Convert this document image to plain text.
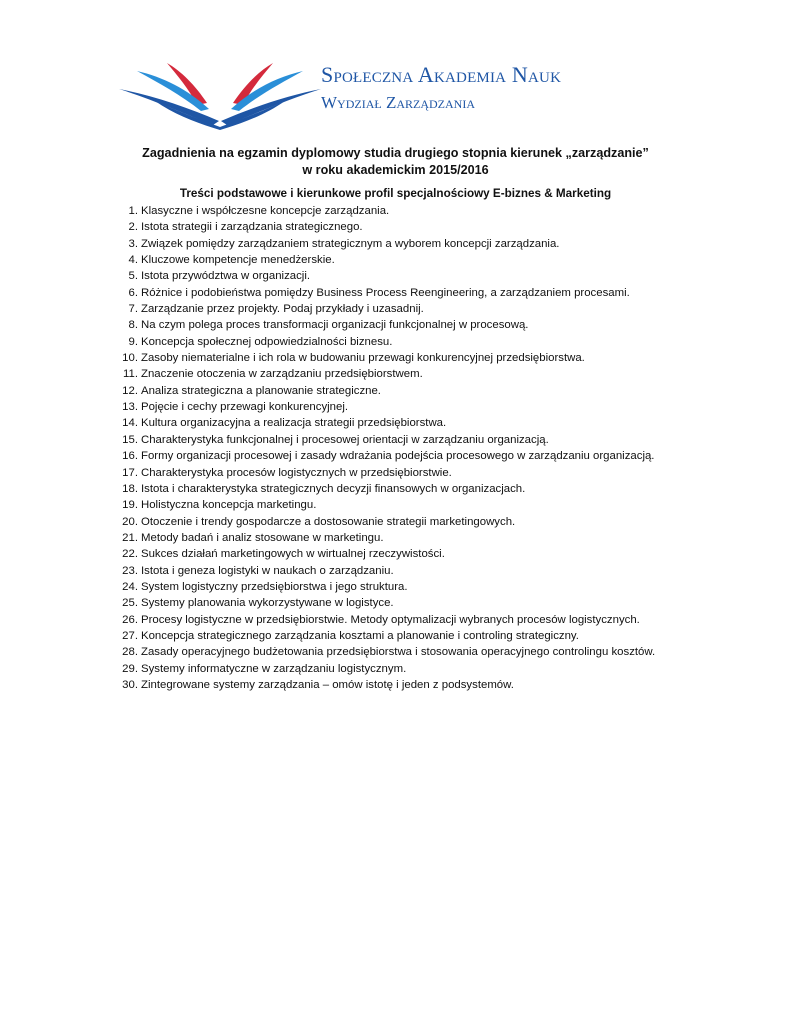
Społeczna Akademia Nauk
Wydział Zarządzania
Zagadnienia na egzamin dyplomowy studia drugiego stopnia kierunek „zarządzanie”
w roku akademickim 2015/2016
Treści podstawowe i kierunkowe profil specjalnościowy E-biznes & Marketing
1. Klasyczne i współczesne koncepcje zarządzania.
2. Istota strategii i zarządzania strategicznego.
3. Związek pomiędzy zarządzaniem strategicznym a wyborem koncepcji zarządzania.
4. Kluczowe kompetencje menedżerskie.
5. Istota przywództwa w organizacji.
6. Różnice i podobieństwa pomiędzy Business Process Reengineering, a zarządzaniem procesami.
7. Zarządzanie przez projekty. Podaj przykłady i uzasadnij.
8. Na czym polega proces transformacji organizacji funkcjonalnej w procesową.
9. Koncepcja społecznej odpowiedzialności biznesu.
10. Zasoby niematerialne i ich rola w budowaniu przewagi konkurencyjnej przedsiębiorstwa.
11. Znaczenie otoczenia w zarządzaniu przedsiębiorstwem.
12. Analiza strategiczna a planowanie strategiczne.
13. Pojęcie i cechy przewagi konkurencyjnej.
14. Kultura organizacyjna a realizacja strategii przedsiębiorstwa.
15. Charakterystyka funkcjonalnej i procesowej orientacji w zarządzaniu organizacją.
16. Formy organizacji procesowej i zasady wdrażania podejścia procesowego w zarządzaniu organizacją.
17. Charakterystyka procesów logistycznych w przedsiębiorstwie.
18. Istota i charakterystyka strategicznych decyzji finansowych w organizacjach.
19. Holistyczna koncepcja marketingu.
20. Otoczenie i trendy gospodarcze a dostosowanie strategii marketingowych.
21. Metody badań i analiz stosowane w marketingu.
22. Sukces działań marketingowych w wirtualnej rzeczywistości.
23. Istota i geneza logistyki w naukach o zarządzaniu.
24. System logistyczny przedsiębiorstwa i jego struktura.
25. Systemy planowania wykorzystywane w logistyce.
26. Procesy logistyczne w przedsiębiorstwie. Metody optymalizacji wybranych procesów logistycznych.
27. Koncepcja strategicznego zarządzania kosztami a planowanie i controling strategiczny.
28. Zasady operacyjnego budżetowania przedsiębiorstwa i stosowania operacyjnego controlingu kosztów.
29. Systemy informatyczne w zarządzaniu logistycznym.
30. Zintegrowane systemy zarządzania – omów istotę i jeden z podsystemów.
